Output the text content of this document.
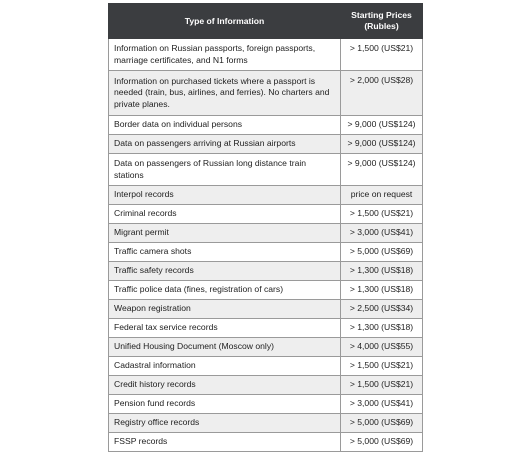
Type of Information	Starting Prices
(Rubles)
Information on Russian passports, foreign passports, marriage certificates, and N1 forms	> 1,500 (US$21)
Information on purchased tickets where a passport is needed (train, bus, airlines, and ferries). No charters and private planes.	> 2,000 (US$28)
Border data on individual persons	> 9,000 (US$124)
Data on passengers arriving at Russian airports	> 9,000 (US$124)
Data on passengers of Russian long distance train stations	> 9,000 (US$124)
Interpol records	price on request
Criminal records	> 1,500 (US$21)
Migrant permit	> 3,000 (US$41)
Traffic camera shots	> 5,000 (US$69)
Traffic safety records	> 1,300 (US$18)
Traffic police data (fines, registration of cars)	> 1,300 (US$18)
Weapon registration	> 2,500 (US$34)
Federal tax service records	> 1,300 (US$18)
Unified Housing Document (Moscow only)	> 4,000 (US$55)
Cadastral information	> 1,500 (US$21)
Credit history records	> 1,500 (US$21)
Pension fund records	> 3,000 (US$41)
Registry office records	> 5,000 (US$69)
FSSP records	> 5,000 (US$69)
